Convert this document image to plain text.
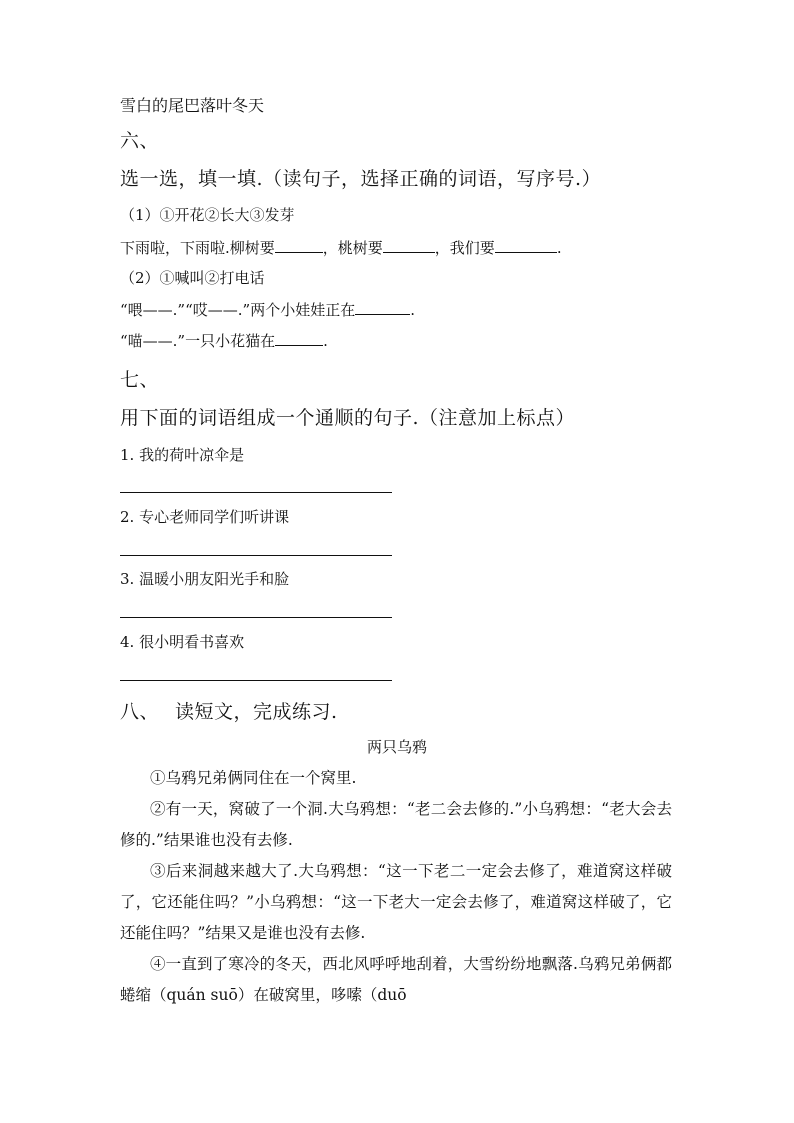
雪白的尾巴落叶冬天
六、
选一选，填一填.（读句子，选择正确的词语，写序号.）
（1）①开花②长大③发芽
下雨啦，下雨啦.柳树要	，桃树要	，我们要	.
（2）①喊叫②打电话
“喂——.”“哎——.”两个小娃娃正在	.
“喵——.”一只小花猫在	.
七、
用下面的词语组成一个通顺的句子.（注意加上标点）
1. 我的荷叶凉伞是
2. 专心老师同学们听讲课
3. 温暖小朋友阳光手和脸
4. 很小明看书喜欢
八、 读短文，完成练习.
两只乌鸦
①乌鸦兄弟俩同住在一个窝里.
②有一天，窝破了一个洞.大乌鸦想：“老二会去修的.”小乌鸦想：“老大会去修的.”结果谁也没有去修.
③后来洞越来越大了.大乌鸦想：“这一下老二一定会去修了，难道窝这样破了，它还能住吗？”小乌鸦想：“这一下老大一定会去修了，难道窝这样破了，它还能住吗？”结果又是谁也没有去修.
④一直到了寒冷的冬天，西北风呼呼地刮着，大雪纷纷地飘落.乌鸦兄弟俩都蜷缩（quán suō）在破窝里，哆嗦（duō
